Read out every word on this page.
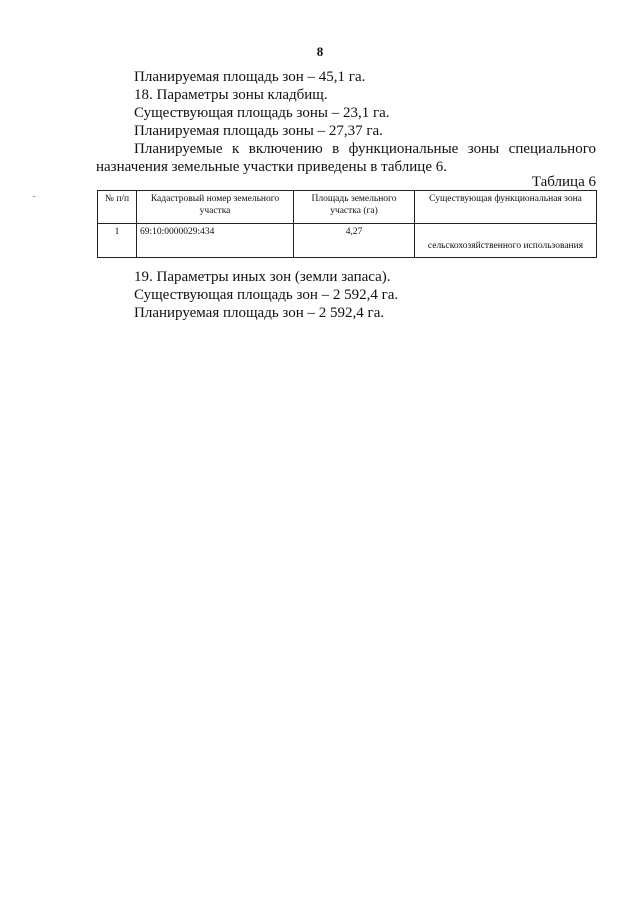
8
Планируемая площадь зон – 45,1 га.
18. Параметры зоны кладбищ.
Существующая площадь зоны – 23,1 га.
Планируемая площадь зоны – 27,37 га.
Планируемые к включению в функциональные зоны специального
назначения земельные участки приведены в таблице 6.
Таблица 6
№ п/п	Кадастровый номер земельного участка	Площадь земельного участка (га)	Существующая функциональная зона
1	69:10:0000029:434	4,27	сельскохозяйственного использования
19. Параметры иных зон (земли запаса).
Существующая площадь зон – 2 592,4 га.
Планируемая площадь зон – 2 592,4 га.
